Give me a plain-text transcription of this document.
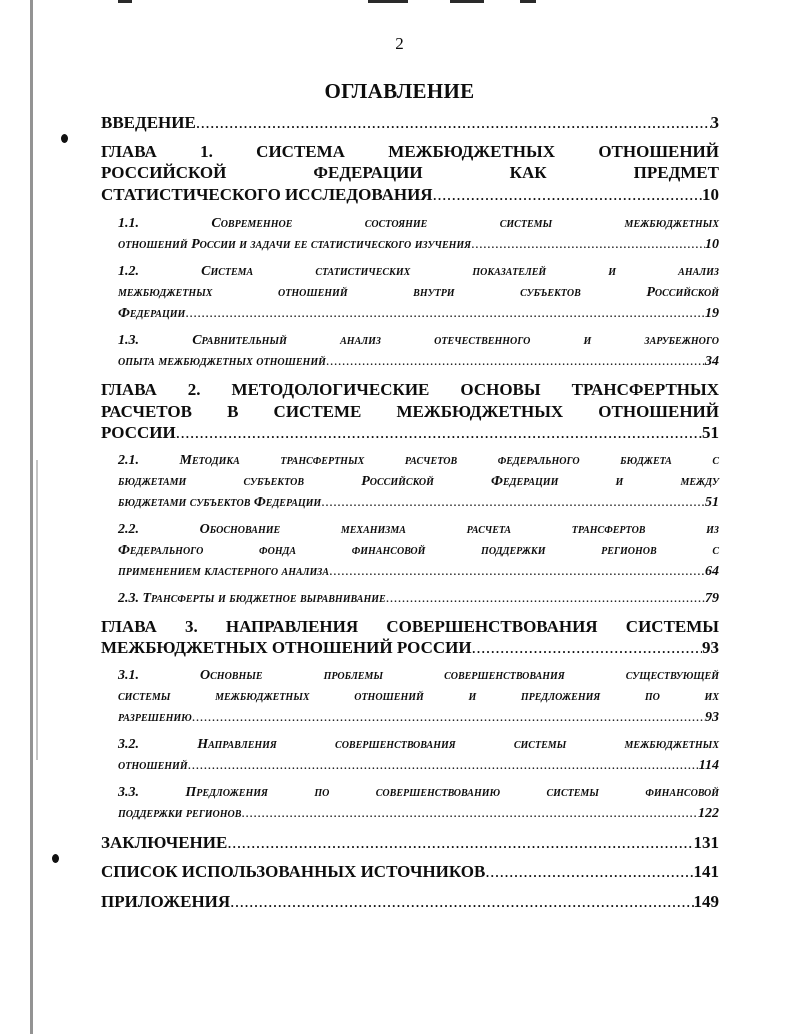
2
ОГЛАВЛЕНИЕ
ВВЕДЕНИЕ .....	3
ГЛАВА 1. СИСТЕМА МЕЖБЮДЖЕТНЫХ ОТНОШЕНИЙ
РОССИЙСКОЙ ФЕДЕРАЦИИ КАК ПРЕДМЕТ
СТАТИСТИЧЕСКОГО ИССЛЕДОВАНИЯ .....	10
1.1. Современное состояние системы межбюджетных
отношений России и задачи ее статистического изучения .....	10
1.2. Система статистических показателей и анализ
межбюджетных отношений внутри субъектов Российской
Федерации .....	19
1.3. Сравнительный анализ отечественного и зарубежного
опыта межбюджетных отношений .....	34
ГЛАВА 2. МЕТОДОЛОГИЧЕСКИЕ ОСНОВЫ ТРАНСФЕРТНЫХ
РАСЧЕТОВ В СИСТЕМЕ МЕЖБЮДЖЕТНЫХ ОТНОШЕНИЙ
РОССИИ .....	51
2.1. Методика трансфертных расчетов федерального бюджета с
бюджетами субъектов Российской Федерации и между
бюджетами субъектов Федерации .....	51
2.2. Обоснование механизма расчета трансфертов из
Федерального фонда финансовой поддержки регионов с
применением кластерного анализа .....	64
2.3. Трансферты и бюджетное выравнивание .....	79
ГЛАВА 3. НАПРАВЛЕНИЯ СОВЕРШЕНСТВОВАНИЯ СИСТЕМЫ
МЕЖБЮДЖЕТНЫХ ОТНОШЕНИЙ РОССИИ .....	93
3.1. Основные проблемы совершенствования существующей
системы межбюджетных отношений и предложения по их
разрешению .....	93
3.2. Направления совершенствования системы межбюджетных
отношений .....	114
3.3. Предложения по совершенствованию системы финансовой
поддержки регионов .....	122
ЗАКЛЮЧЕНИЕ .....	131
СПИСОК ИСПОЛЬЗОВАННЫХ ИСТОЧНИКОВ .....	141
ПРИЛОЖЕНИЯ .....	149
